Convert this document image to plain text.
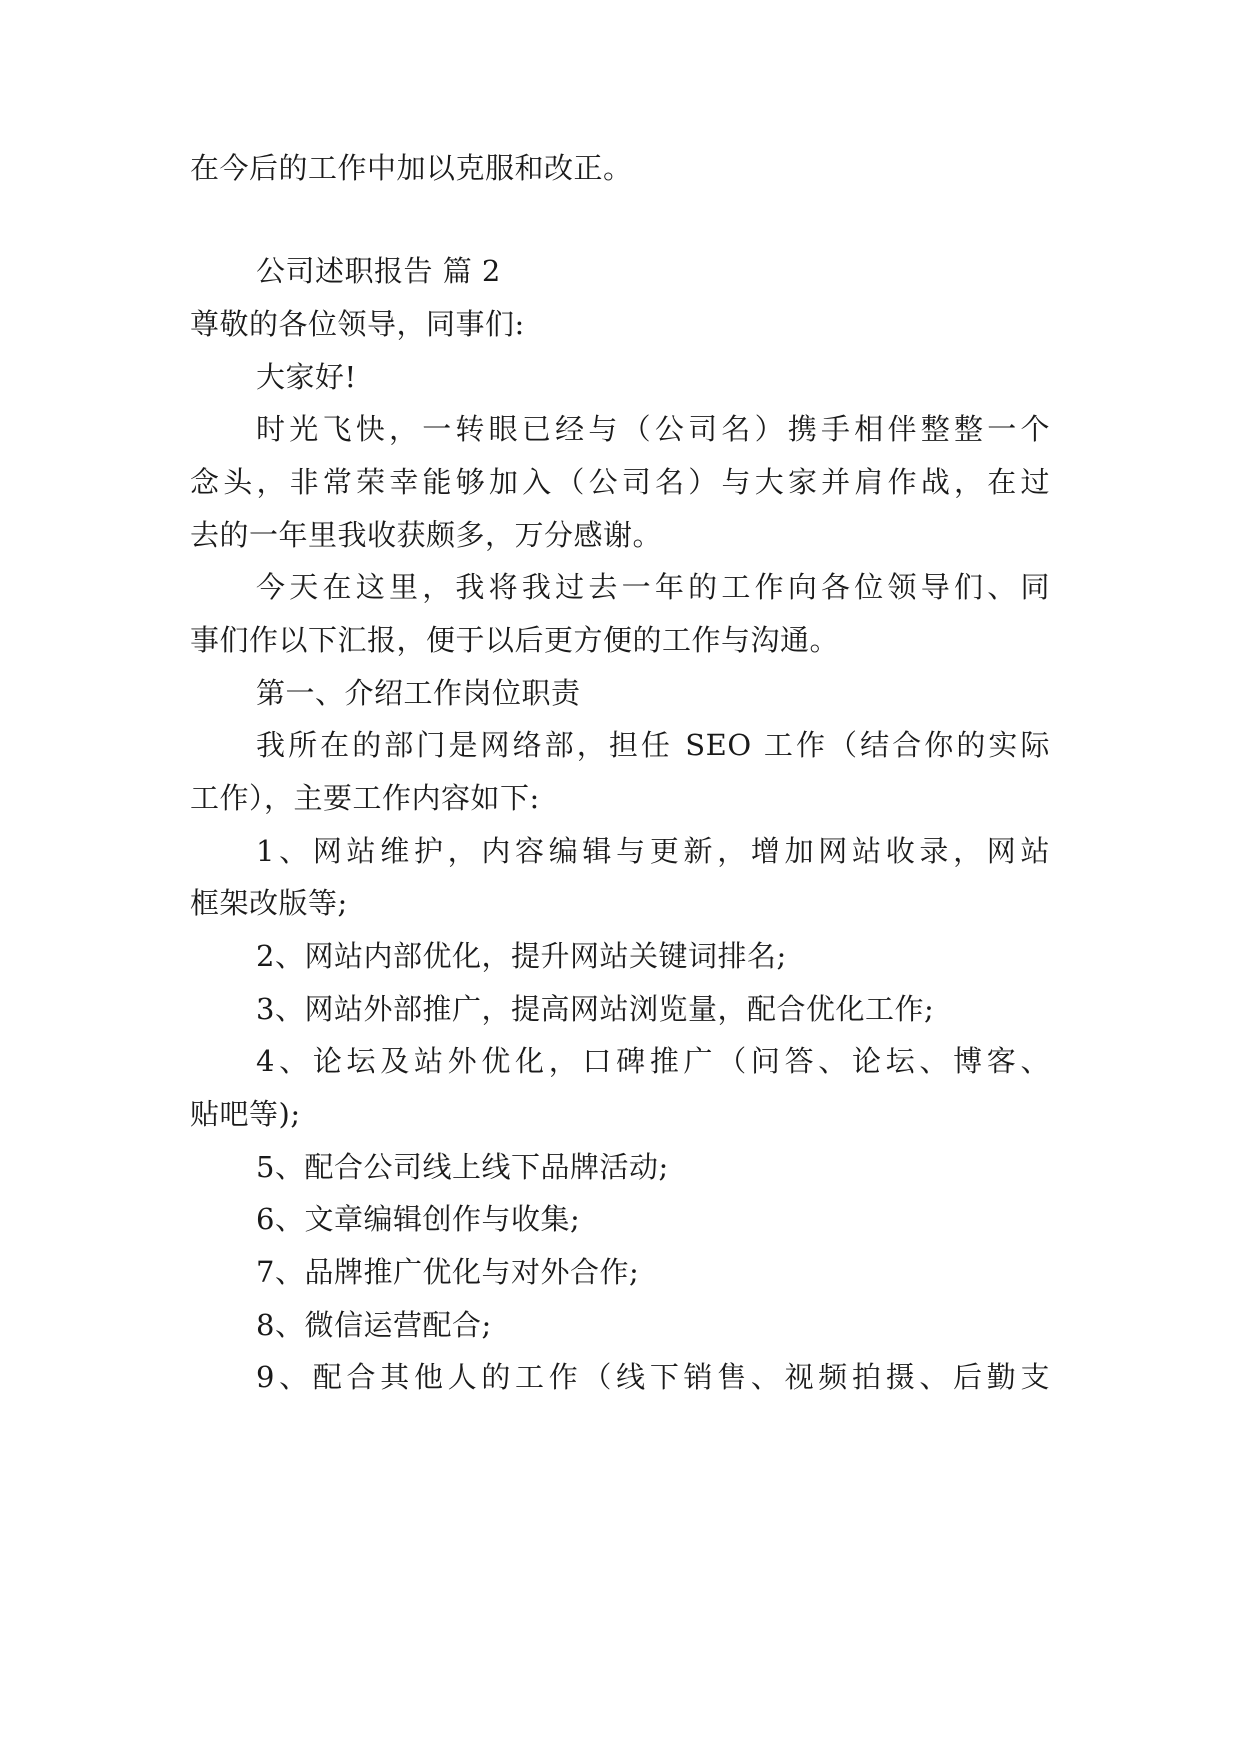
在今后的工作中加以克服和改正。
公司述职报告 篇 2
尊敬的各位领导，同事们:
大家好!
时光飞快，一转眼已经与（公司名）携手相伴整整一个
念头，非常荣幸能够加入（公司名）与大家并肩作战，在过
去的一年里我收获颇多，万分感谢。
今天在这里，我将我过去一年的工作向各位领导们、同
事们作以下汇报，便于以后更方便的工作与沟通。
第一、介绍工作岗位职责
我所在的部门是网络部，担任 SEO 工作（结合你的实际
工作），主要工作内容如下:
1、网站维护，内容编辑与更新，增加网站收录，网站
框架改版等;
2、网站内部优化，提升网站关键词排名;
3、网站外部推广，提高网站浏览量，配合优化工作;
4、论坛及站外优化，口碑推广（问答、论坛、博客、
贴吧等);
5、配合公司线上线下品牌活动;
6、文章编辑创作与收集;
7、品牌推广优化与对外合作;
8、微信运营配合;
9、配合其他人的工作（线下销售、视频拍摄、后勤支
